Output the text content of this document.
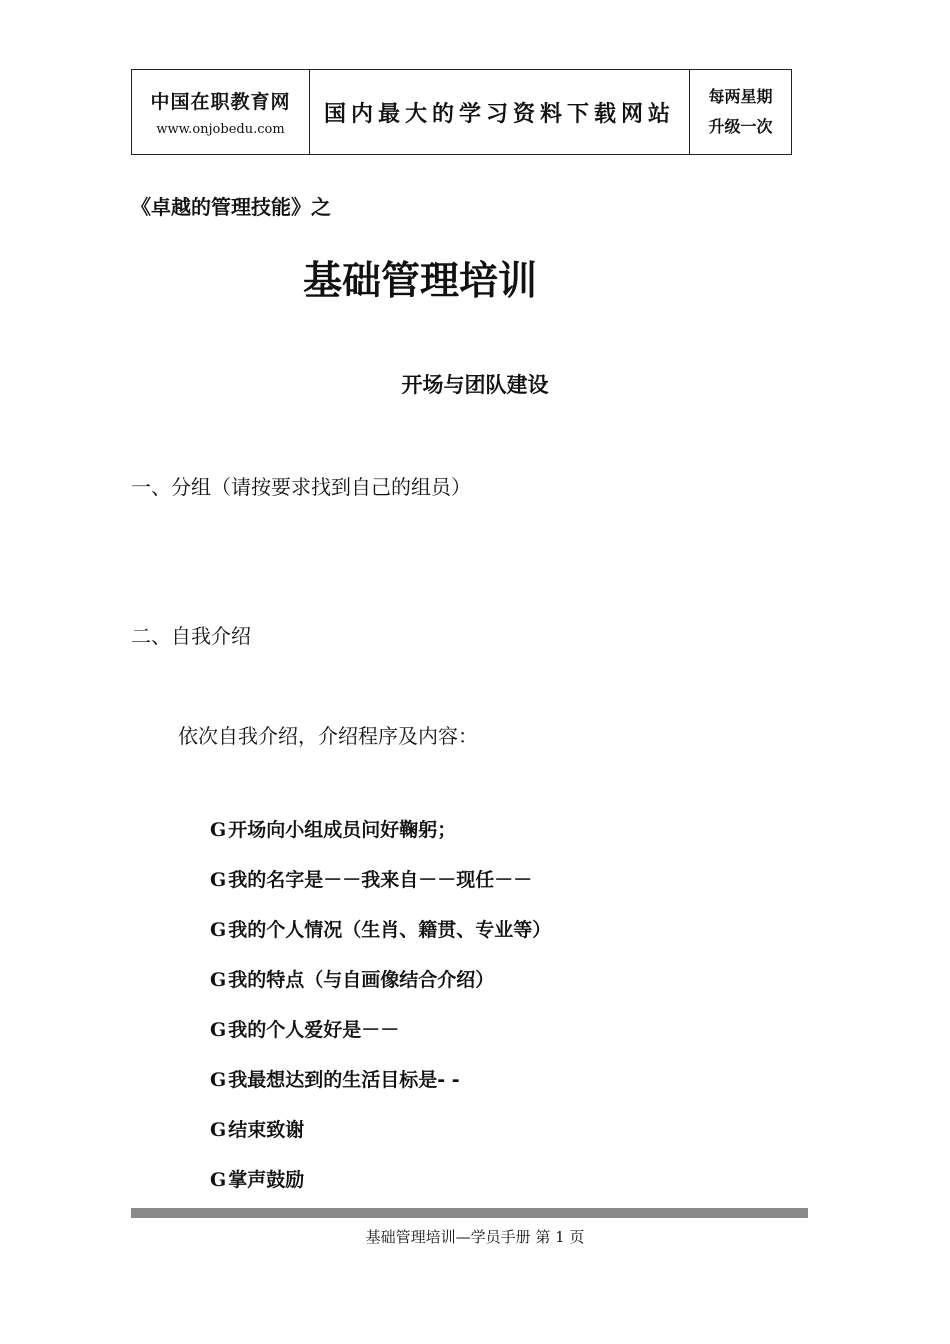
中国在职教育网
www.onjobedu.com
国内最大的学习资料下载网站
每两星期
升级一次
《卓越的管理技能》之
基础管理培训
开场与团队建设
一、分组（请按要求找到自己的组员）
二、自我介绍
依次自我介绍，介绍程序及内容：
G 开场向小组成员问好鞠躬；
G 我的名字是－－我来自－－现任－－
G 我的个人情况（生肖、籍贯、专业等）
G 我的特点（与自画像结合介绍）
G 我的个人爱好是－－
G 我最想达到的生活目标是- -
G 结束致谢
G 掌声鼓励
基础管理培训—学员手册 第 1 页
